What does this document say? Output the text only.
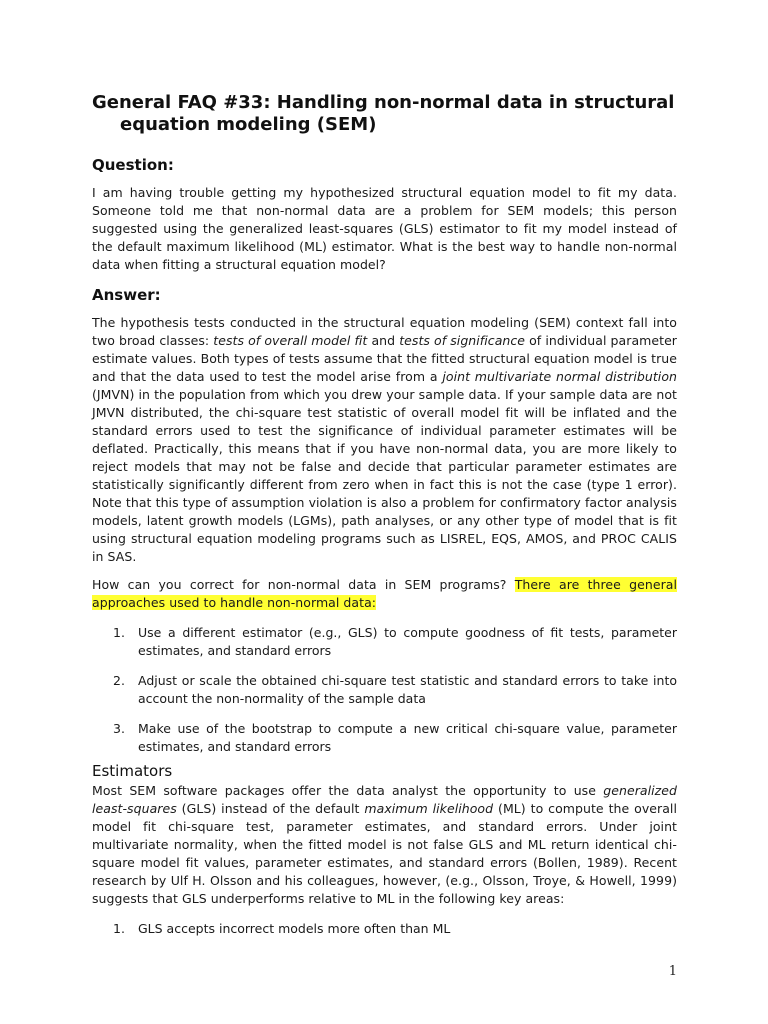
General FAQ #33: Handling non-normal data in structural equation modeling (SEM)
Question:

I am having trouble getting my hypothesized structural equation model to fit my data. Someone told me that non-normal data are a problem for SEM models; this person suggested using the generalized least-squares (GLS) estimator to fit my model instead of the default maximum likelihood (ML) estimator. What is the best way to handle non-normal data when fitting a structural equation model?

Answer:

The hypothesis tests conducted in the structural equation modeling (SEM) context fall into two broad classes: tests of overall model fit and tests of significance of individual parameter estimate values. Both types of tests assume that the fitted structural equation model is true and that the data used to test the model arise from a joint multivariate normal distribution (JMVN) in the population from which you drew your sample data. If your sample data are not JMVN distributed, the chi-square test statistic of overall model fit will be inflated and the standard errors used to test the significance of individual parameter estimates will be deflated. Practically, this means that if you have non-normal data, you are more likely to reject models that may not be false and decide that particular parameter estimates are statistically significantly different from zero when in fact this is not the case (type 1 error). Note that this type of assumption violation is also a problem for confirmatory factor analysis models, latent growth models (LGMs), path analyses, or any other type of model that is fit using structural equation modeling programs such as LISREL, EQS, AMOS, and PROC CALIS in SAS.

How can you correct for non-normal data in SEM programs? There are three general approaches used to handle non-normal data:

1. Use a different estimator (e.g., GLS) to compute goodness of fit tests, parameter estimates, and standard errors
2. Adjust or scale the obtained chi-square test statistic and standard errors to take into account the non-normality of the sample data
3. Make use of the bootstrap to compute a new critical chi-square value, parameter estimates, and standard errors
Estimators

Most SEM software packages offer the data analyst the opportunity to use generalized least-squares (GLS) instead of the default maximum likelihood (ML) to compute the overall model fit chi-square test, parameter estimates, and standard errors. Under joint multivariate normality, when the fitted model is not false GLS and ML return identical chi-square model fit values, parameter estimates, and standard errors (Bollen, 1989). Recent research by Ulf H. Olsson and his colleagues, however, (e.g., Olsson, Troye, & Howell, 1999) suggests that GLS underperforms relative to ML in the following key areas:

1. GLS accepts incorrect models more often than ML
1
